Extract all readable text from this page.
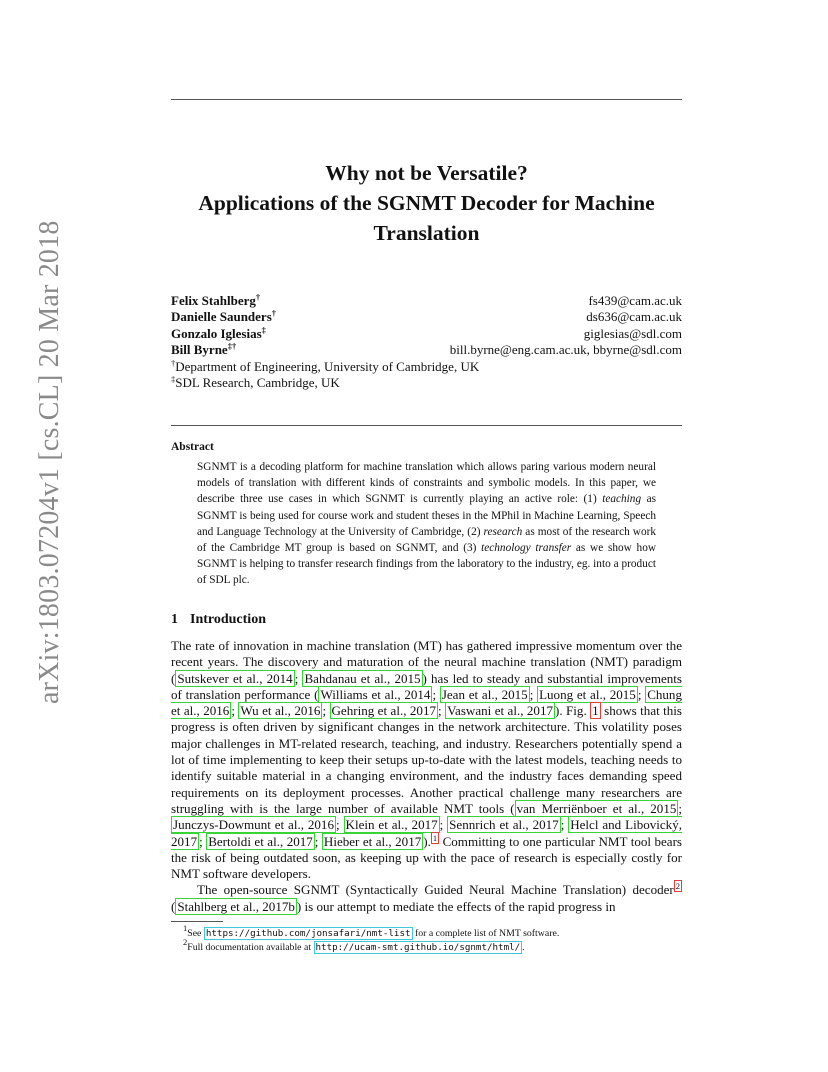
arXiv:1803.07204v1 [cs.CL] 20 Mar 2018
Why not be Versatile?
Applications of the SGNMT Decoder for Machine
Translation
Felix Stahlberg†	fs439@cam.ac.uk
Danielle Saunders†	ds636@cam.ac.uk
Gonzalo Iglesias‡	giglesias@sdl.com
Bill Byrne‡†	bill.byrne@eng.cam.ac.uk, bbyrne@sdl.com
†Department of Engineering, University of Cambridge, UK
‡SDL Research, Cambridge, UK
Abstract
SGNMT is a decoding platform for machine translation which allows paring various modern neural models of translation with different kinds of constraints and symbolic models. In this paper, we describe three use cases in which SGNMT is currently playing an active role: (1) teaching as SGNMT is being used for course work and student theses in the MPhil in Machine Learning, Speech and Language Technology at the University of Cambridge, (2) research as most of the research work of the Cambridge MT group is based on SGNMT, and (3) technology transfer as we show how SGNMT is helping to transfer research findings from the laboratory to the industry, eg. into a product of SDL plc.
1 Introduction

The rate of innovation in machine translation (MT) has gathered impressive momentum over the recent years. The discovery and maturation of the neural machine translation (NMT) paradigm ( Sutskever et al., 2014 ; Bahdanau et al., 2015 ) has led to steady and substantial improvements of translation performance ( Williams et al., 2014 ; Jean et al., 2015 ; Luong et al., 2015 ; Chung et al., 2016 ; Wu et al., 2016 ; Gehring et al., 2017 ; Vaswani et al., 2017 ). Fig. 1 shows that this progress is often driven by significant changes in the network architecture. This volatility poses major challenges in MT-related research, teaching, and industry. Researchers potentially spend a lot of time implementing to keep their setups up-to-date with the latest models, teaching needs to identify suitable material in a changing environment, and the industry faces demanding speed requirements on its deployment processes. Another practical challenge many researchers are struggling with is the large number of available NMT tools ( van Merriënboer et al., 2015 ; Junczys-Dowmunt et al., 2016 ; Klein et al., 2017 ; Sennrich et al., 2017 ; Helcl and Libovický, 2017 ; Bertoldi et al., 2017 ; Hieber et al., 2017 ). $^1$ Committing to one particular NMT tool bears the risk of being outdated soon, as keeping up with the pace of research is especially costly for NMT software developers.

The open-source SGNMT (Syntactically Guided Neural Machine Translation) decoder $^2$ ( Stahlberg et al., 2017b ) is our attempt to mediate the effects of the rapid progress in

$^1$See https://github.com/jonsafari/nmt-list for a complete list of NMT software.
$^2$Full documentation available at http://ucam-smt.github.io/sgnmt/html/ .
